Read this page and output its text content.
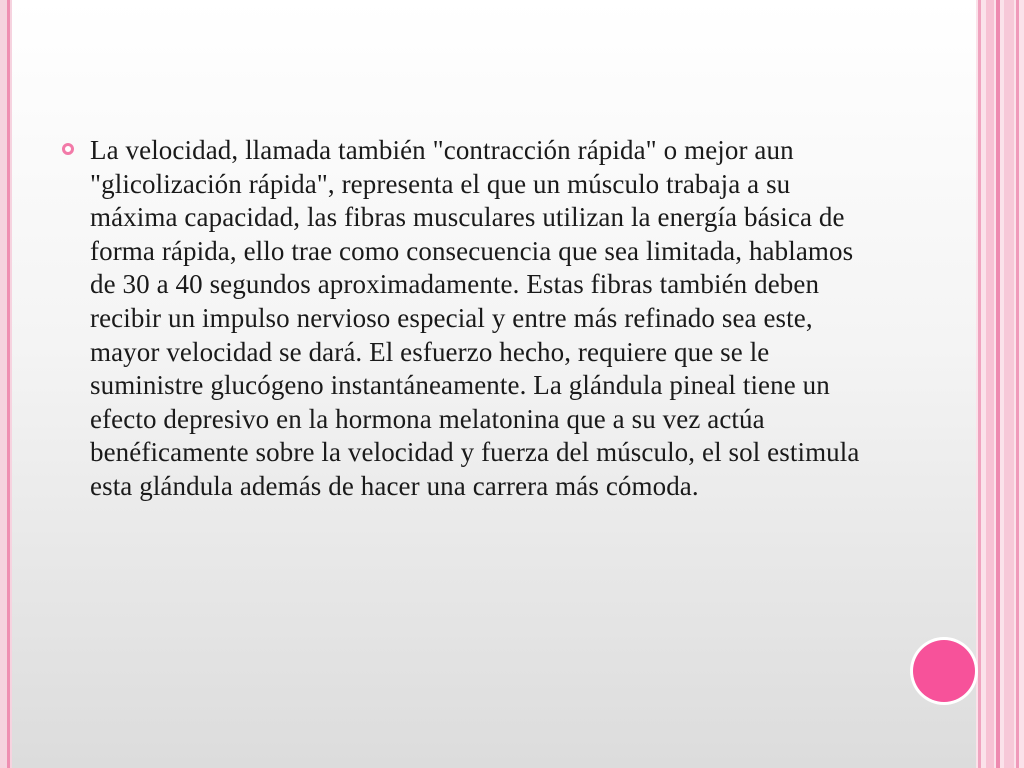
La velocidad, llamada también "contracción rápida" o mejor aun "glicolización rápida", representa el que un músculo trabaja a su máxima capacidad, las fibras musculares utilizan la energía básica de forma rápida, ello trae como consecuencia que sea limitada, hablamos de 30 a 40 segundos aproximadamente. Estas fibras también deben recibir un impulso nervioso especial y entre más refinado sea este, mayor velocidad se dará. El esfuerzo hecho, requiere que se le suministre glucógeno instantáneamente. La glándula pineal tiene un efecto depresivo en la hormona melatonina que a su vez actúa benéficamente sobre la velocidad y fuerza del músculo, el sol estimula esta glándula además de hacer una carrera más cómoda.
